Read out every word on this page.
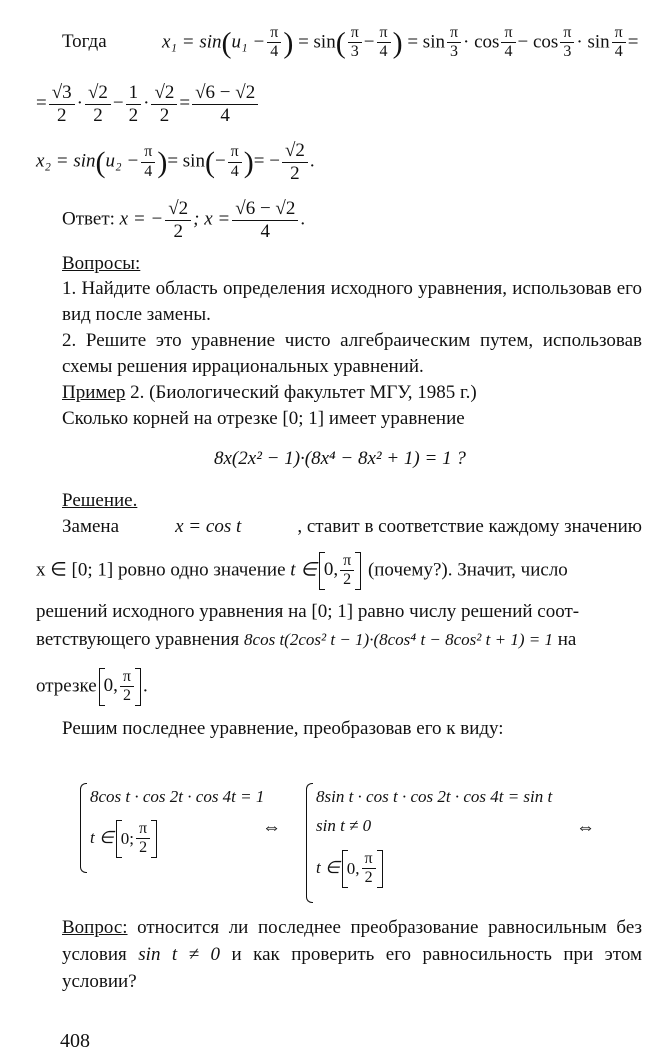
Тогда	$x_1 = \sin(u_1 - \frac{\pi}{4}$ ) = $\sin( \frac{\pi}{3} - \frac{\pi}{4}$ ) = $\sin \frac{\pi}{3} \cdot \cos \frac{\pi}{4} - \cos \frac{\pi}{3} \cdot \sin \frac{\pi}{4}$ =
= $\frac{√3}{2} \cdot \frac{√2}{2} - \frac{1}{2} \cdot \frac{√2}{2} = \frac{√6 - √2}{4}$
$x_2 = \sin(u_2 - \frac{\pi}{4}$ )= $\sin(- \frac{\pi}{4}$ )= − $\frac{√2}{2}$ .
Ответ: x = − $\frac{√2}{2}$ ; $x = \frac{√6 - √2}{4}$ .
Вопросы:
1. Найдите область определения исходного уравнения, использовав его вид после замены.
2. Решите это уравнение чисто алгебраическим путем, использовав схемы решения иррациональных уравнений.
Пример 2. (Биологический факультет МГУ, 1985 г.)
Сколько корней на отрезке [0; 1] имеет уравнение
8x(2x² − 1)·(8x⁴ − 8x² + 1) = 1 ?
Решение.
Замена	x = cos t	, ставит в соответствие каждому значению
x ∈ [0; 1] ровно одно значение t ∈ 0, $\frac{\pi}{2}$ (почему?). Значит, число
решений исходного уравнения на [0; 1] равно числу решений соот-
ветствующего уравнения 8cos t(2cos² t − 1)·(8cos⁴ t − 8cos² t + 1) = 1 на
отрезке 0, $\frac{\pi}{2}$ .
Решим последнее уравнение, преобразовав его к виду:
8cos t · cos 2t · cos 4t = 1
t ∈ 0; $\frac{\pi}{2}$	⇔
8sin t · cos t · cos 2t · cos 4t = sin t
sin t ≠ 0
t ∈ 0, $\frac{\pi}{2}$
⇔
Вопрос: относится ли последнее преобразование равносильным без условия sin t ≠ 0 и как проверить его равносильность при этом условии?
408
